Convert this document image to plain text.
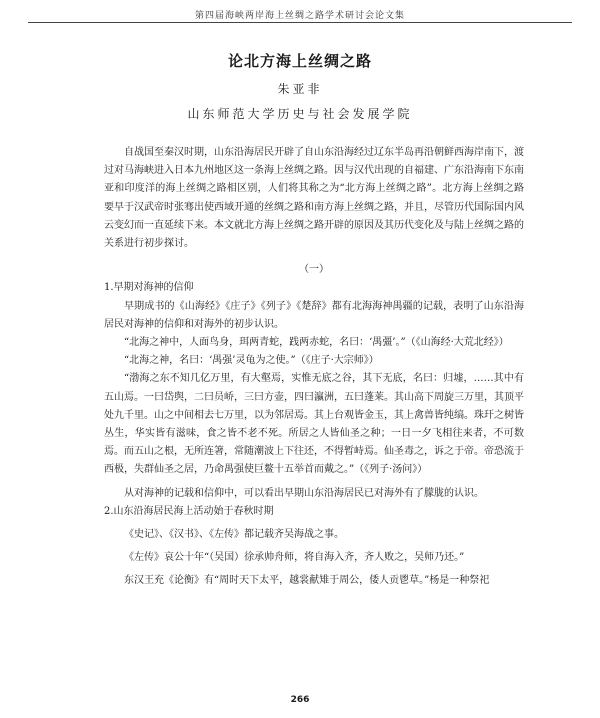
第四届海峡两岸海上丝绸之路学术研讨会论文集
论北方海上丝绸之路
朱亚非
山东师范大学历史与社会发展学院

自战国至秦汉时期，山东沿海居民开辟了自山东沿海经过辽东半岛再沿朝鲜西海岸南下，渡过对马海峡进入日本九州地区这一条海上丝绸之路。因与汉代出现的自福建、广东沿海南下东南亚和印度洋的海上丝绸之路相区别，人们将其称之为“北方海上丝绸之路”。北方海上丝绸之路要早于汉武帝时张骞出使西域开通的丝绸之路和南方海上丝绸之路，并且，尽管历代国际国内风云变幻而一直延续下来。本文就北方海上丝绸之路开辟的原因及其历代变化及与陆上丝绸之路的关系进行初步探讨。

（一）

1.早期对海神的信仰

早期成书的《山海经》《庄子》《列子》《楚辞》都有北海海神禺疆的记载，表明了山东沿海居民对海神的信仰和对海外的初步认识。

“北海之神中，人面鸟身，珥两青蛇，践两赤蛇，名曰：‘禺彊’。”（《山海经·大荒北经》）

“北海之神，名曰：‘禺强’灵龟为之使。”（《庄子·大宗师》）

“渤海之东不知几亿万里，有大壑焉，实惟无底之谷，其下无底，名曰：归墟，……其中有五山焉。一曰岱舆，二曰员峤，三曰方壶，四曰瀛洲，五曰蓬莱。其山高下周旋三万里，其顶平处九千里。山之中间相去七万里，以为邻居焉。其上台观皆金玉，其上禽兽皆纯缟。珠玕之树皆丛生，华实皆有滋味，食之皆不老不死。所居之人皆仙圣之种；一日一夕飞相往来者，不可数焉。而五山之根，无所连箸，常随潮波上下往还，不得暂峙焉。仙圣毒之，诉之于帝。帝恐流于西极，失群仙圣之居，乃命禺强使巨鳌十五举首而戴之。”（《列子·汤问》）

从对海神的记载和信仰中，可以看出早期山东沿海居民已对海外有了朦胧的认识。

2.山东沿海居民海上活动始于春秋时期

《史记》、《汉书》、《左传》都记载齐吴海战之事。

《左传》哀公十年“（吴国）徐承帅舟师，将自海入齐，齐人败之，吴师乃还。”

东汉王充《论衡》有“周时天下太平，越裳献雉于周公，倭人贡鬯草。”杨是一种祭祀

266
